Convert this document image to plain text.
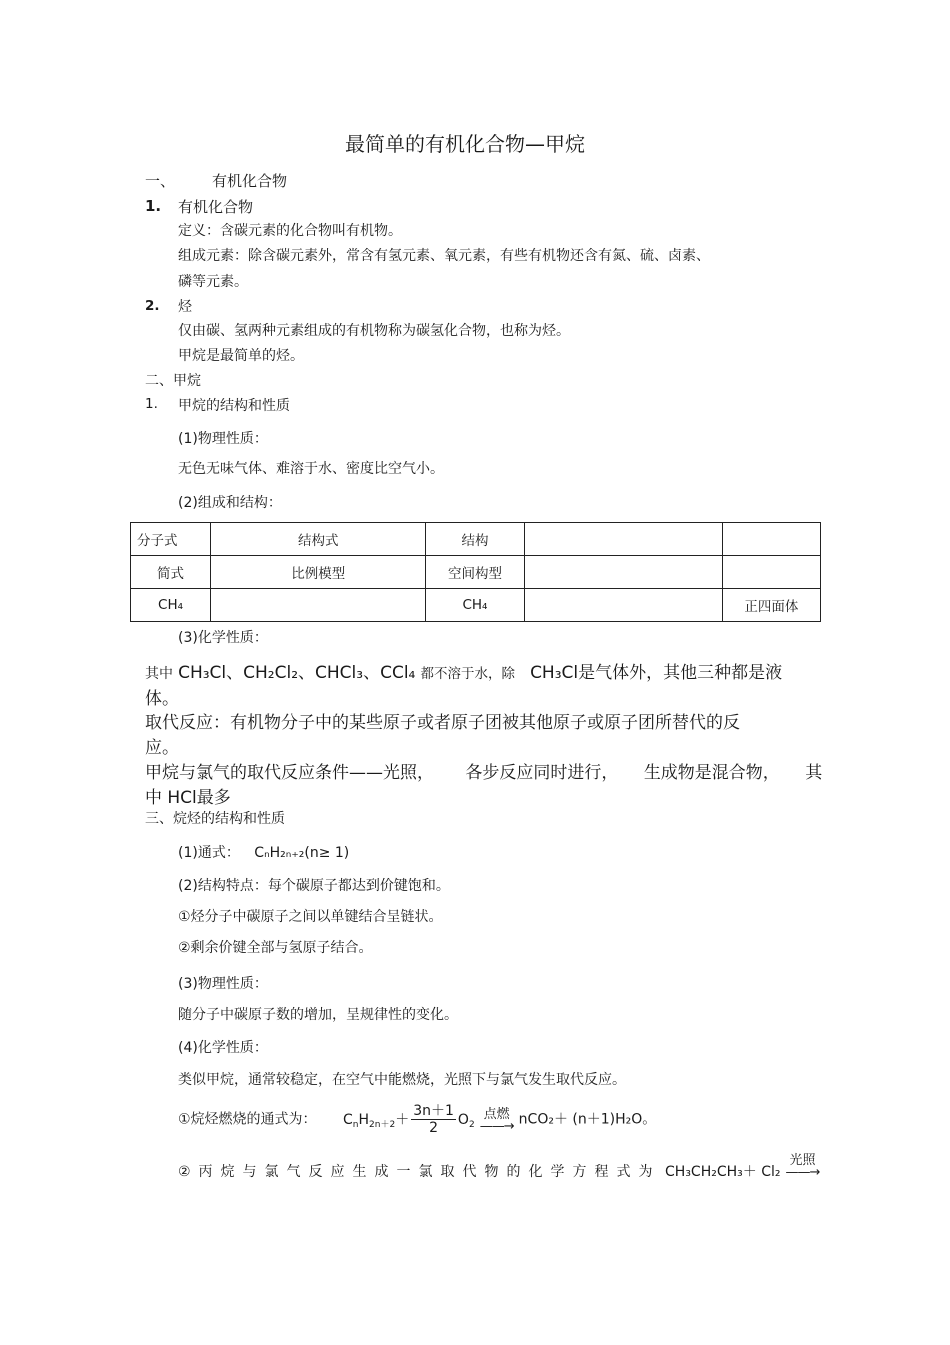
最简单的有机化合物—甲烷
一、 有机化合物
1. 有机化合物
定义：含碳元素的化合物叫有机物。
组成元素：除含碳元素外，常含有氢元素、氧元素，有些有机物还含有氮、硫、卤素、
磷等元素。
2. 烃
仅由碳、氢两种元素组成的有机物称为碳氢化合物，也称为烃。
甲烷是最简单的烃。
二、甲烷
1. 甲烷的结构和性质
(1)物理性质：
无色无味气体、难溶于水、密度比空气小。
(2)组成和结构：
分子式	结构式	结构		
简式	比例模型	空间构型		
CH₄		CH₄		正四面体
(3)化学性质：
其中 CH₃Cl、CH₂Cl₂、CHCl₃、CCl₄ 都不溶于水，除 CH₃Cl是气体外，其他三种都是液
体。
取代反应：有机物分子中的某些原子或者原子团被其他原子或原子团所替代的反
应。
甲烷与氯气的取代反应条件——光照， 各步反应同时进行， 生成物是混合物， 其
中 HCl最多
三、烷烃的结构和性质
(1)通式： CₙH₂ₙ₊₂(n≥ 1)
(2)结构特点：每个碳原子都达到价键饱和。
①烃分子中碳原子之间以单键结合呈链状。
②剩余价键全部与氢原子结合。
(3)物理性质：
随分子中碳原子数的增加，呈规律性的变化。
(4)化学性质：
类似甲烷，通常较稳定，在空气中能燃烧，光照下与氯气发生取代反应。
①烷烃燃烧的通式为： $C_nH_{2n+2}+ \frac{3n+1}{2} O_2$
点燃
——→ nCO₂＋ (n＋1)H₂O。
②丙烷与氯气反应生成一氯取代物的化学方程式为 CH₃CH₂CH₃＋ Cl₂
光照
——→
